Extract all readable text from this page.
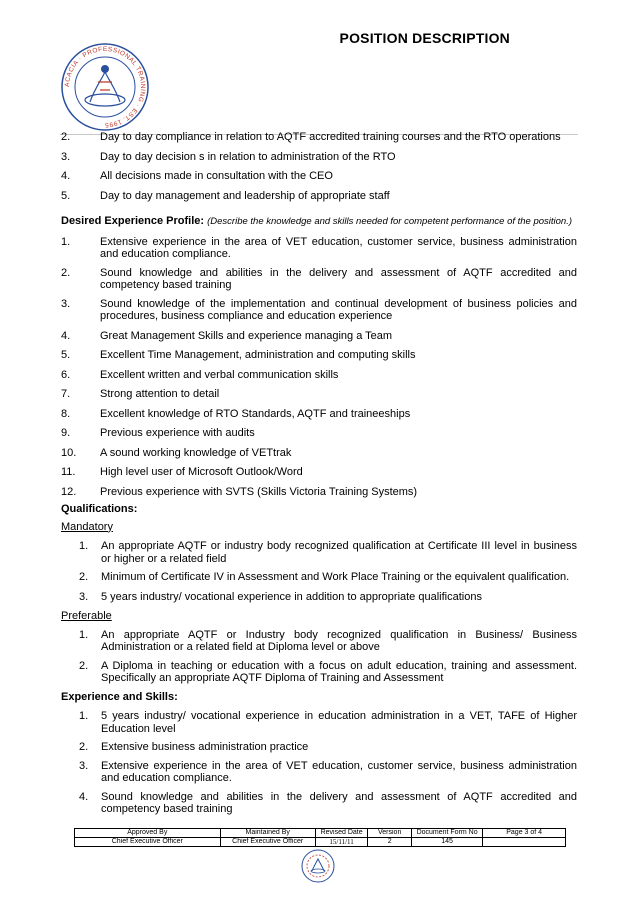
POSITION DESCRIPTION
ACACIA · PROFESSIONAL TRAINING · EST. 1995
2.	Day to day compliance in relation to AQTF accredited training courses and the RTO operations
3.	Day to day decision s in relation to administration of the RTO
4.	All decisions made in consultation with the CEO
5.	Day to day management and leadership of appropriate staff
Desired Experience Profile: (Describe the knowledge and skills needed for competent performance of the position.)
1.	Extensive experience in the area of VET education, customer service, business administration and education compliance.
2.	Sound knowledge and abilities in the delivery and assessment of AQTF accredited and competency based training
3.	Sound knowledge of the implementation and continual development of business policies and procedures, business compliance and education experience
4.	Great Management Skills and experience managing a Team
5.	Excellent Time Management, administration and computing skills
6.	Excellent written and verbal communication skills
7.	Strong attention to detail
8.	Excellent knowledge of RTO Standards, AQTF and traineeships
9.	Previous experience with audits
10.	A sound working knowledge of VETtrak
11.	High level user of Microsoft Outlook/Word
12.	Previous experience with SVTS (Skills Victoria Training Systems)
Qualifications:
Mandatory
1.	An appropriate AQTF or industry body recognized qualification at Certificate III level in business or higher or a related field
2.	Minimum of Certificate IV in Assessment and Work Place Training or the equivalent qualification.
3.	5 years industry/ vocational experience in addition to appropriate qualifications
Preferable
1.	An appropriate AQTF or Industry body recognized qualification in Business/ Business Administration or a related field at Diploma level or above
2.	A Diploma in teaching or education with a focus on adult education, training and assessment. Specifically an appropriate AQTF Diploma of Training and Assessment
Experience and Skills:
1.	5 years industry/ vocational experience in education administration in a VET, TAFE of Higher Education level
2.	Extensive business administration practice
3.	Extensive experience in the area of VET education, customer service, business administration and education compliance.
4.	Sound knowledge and abilities in the delivery and assessment of AQTF accredited and competency based training
Approved By	Maintained By	Revised Date	Version	Document Form No	Page 3 of 4
Chief Executive Officer	Chief Executive Officer	15/11/11	2	145	
